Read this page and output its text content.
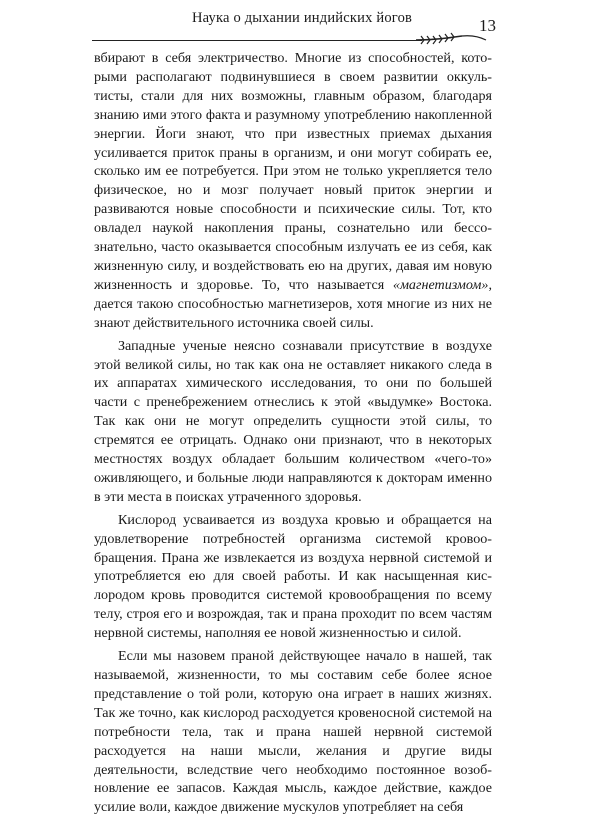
Наука о дыхании индийских йогов	13

вбирают в себя электричество. Многие из способностей, которыми располагают подвинувшиеся в своем развитии оккультисты, стали для них возможны, главным образом, благодаря знанию ими этого факта и разумному употреблению накопленной энергии. Йоги знают, что при известных приемах дыхания усиливается приток праны в организм, и они могут собирать ее, сколько им ее потребуется. При этом не только укрепляется тело физическое, но и мозг получает новый приток энергии и развиваются новые способности и психические силы. Тот, кто овладел наукой накопления праны, сознательно или бессознательно, часто оказывается способным излучать ее из себя, как жизненную силу, и воздействовать ею на других, давая им новую жизненность и здоровье. То, что называется «магнетизмом», дается такою способностью магнетизеров, хотя многие из них не знают действительного источника своей силы.

Западные ученые неясно сознавали присутствие в воздухе этой великой силы, но так как она не оставляет никакого следа в их аппаратах химического исследования, то они по большей части с пренебрежением отнеслись к этой «выдумке» Востока. Так как они не могут определить сущности этой силы, то стремятся ее отрицать. Однако они признают, что в некоторых местностях воздух обладает большим количеством «чего-то» оживляющего, и больные люди направляются к докторам именно в эти места в поисках утраченного здоровья.

Кислород усваивается из воздуха кровью и обращается на удовлетворение потребностей организма системой кровообращения. Прана же извлекается из воздуха нервной системой и употребляется ею для своей работы. И как насыщенная кислородом кровь проводится системой кровообращения по всему телу, строя его и возрождая, так и прана проходит по всем частям нервной системы, наполняя ее новой жизненностью и силой.

Если мы назовем праной действующее начало в нашей, так называемой, жизненности, то мы составим себе более ясное представление о той роли, которую она играет в наших жизнях. Так же точно, как кислород расходуется кровеносной системой на потребности тела, так и прана нашей нервной системой расходуется на наши мысли, желания и другие виды деятельности, вследствие чего необходимо постоянное возобновление ее запасов. Каждая мысль, каждое действие, каждое усилие воли, каждое движение мускулов употребляет на себя
